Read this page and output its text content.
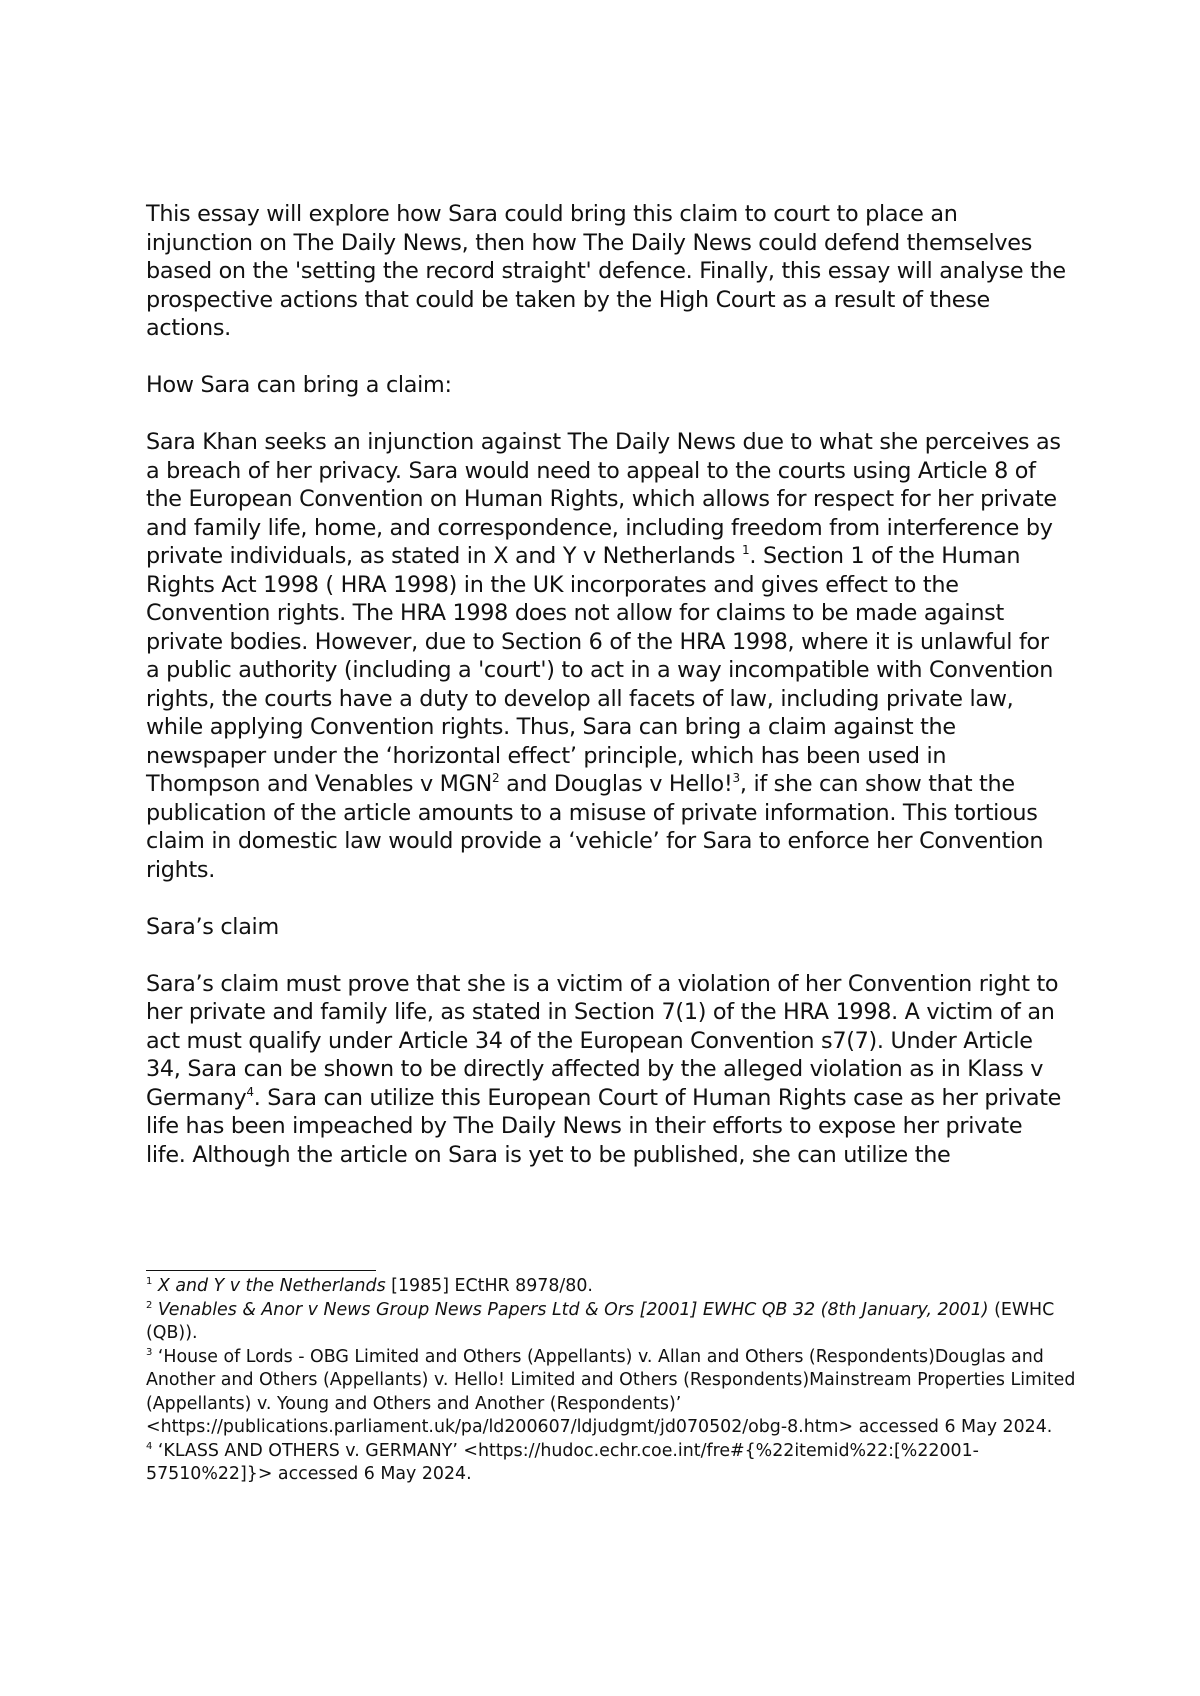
This essay will explore how Sara could bring this claim to court to place an injunction on The Daily News, then how The Daily News could defend themselves based on the 'setting the record straight' defence. Finally, this essay will analyse the prospective actions that could be taken by the High Court as a result of these actions.

How Sara can bring a claim:

Sara Khan seeks an injunction against The Daily News due to what she perceives as a breach of her privacy. Sara would need to appeal to the courts using Article 8 of the European Convention on Human Rights, which allows for respect for her private and family life, home, and correspondence, including freedom from interference by private individuals, as stated in X and Y v Netherlands $^1$. Section 1 of the Human Rights Act 1998 ( HRA 1998) in the UK incorporates and gives effect to the Convention rights. The HRA 1998 does not allow for claims to be made against private bodies. However, due to Section 6 of the HRA 1998, where it is unlawful for a public authority (including a 'court') to act in a way incompatible with Convention rights, the courts have a duty to develop all facets of law, including private law, while applying Convention rights. Thus, Sara can bring a claim against the newspaper under the ‘horizontal effect’ principle, which has been used in Thompson and Venables v MGN$^2$ and Douglas v Hello!$^3$, if she can show that the publication of the article amounts to a misuse of private information. This tortious claim in domestic law would provide a ‘vehicle’ for Sara to enforce her Convention rights.

Sara’s claim

Sara’s claim must prove that she is a victim of a violation of her Convention right to her private and family life, as stated in Section 7(1) of the HRA 1998. A victim of an act must qualify under Article 34 of the European Convention s7(7). Under Article 34, Sara can be shown to be directly affected by the alleged violation as in Klass v Germany$^4$. Sara can utilize this European Court of Human Rights case as her private life has been impeached by The Daily News in their efforts to expose her private life. Although the article on Sara is yet to be published, she can utilize the

$^1$ X and Y v the Netherlands [1985] ECtHR 8978/80.

$^2$ Venables & Anor v News Group News Papers Ltd & Ors [2001] EWHC QB 32 (8th January, 2001) (EWHC (QB)).

$^3$ ‘House of Lords - OBG Limited and Others (Appellants) v. Allan and Others (Respondents)Douglas and Another and Others (Appellants) v. Hello! Limited and Others (Respondents)Mainstream Properties Limited (Appellants) v. Young and Others and Another (Respondents)’ <https://publications.parliament.uk/pa/ld200607/ldjudgmt/jd070502/obg-8.htm> accessed 6 May 2024.

$^4$ ‘KLASS AND OTHERS v. GERMANY’ <https://hudoc.echr.coe.int/fre#{%22itemid%22:[%22001-57510%22]}> accessed 6 May 2024.
